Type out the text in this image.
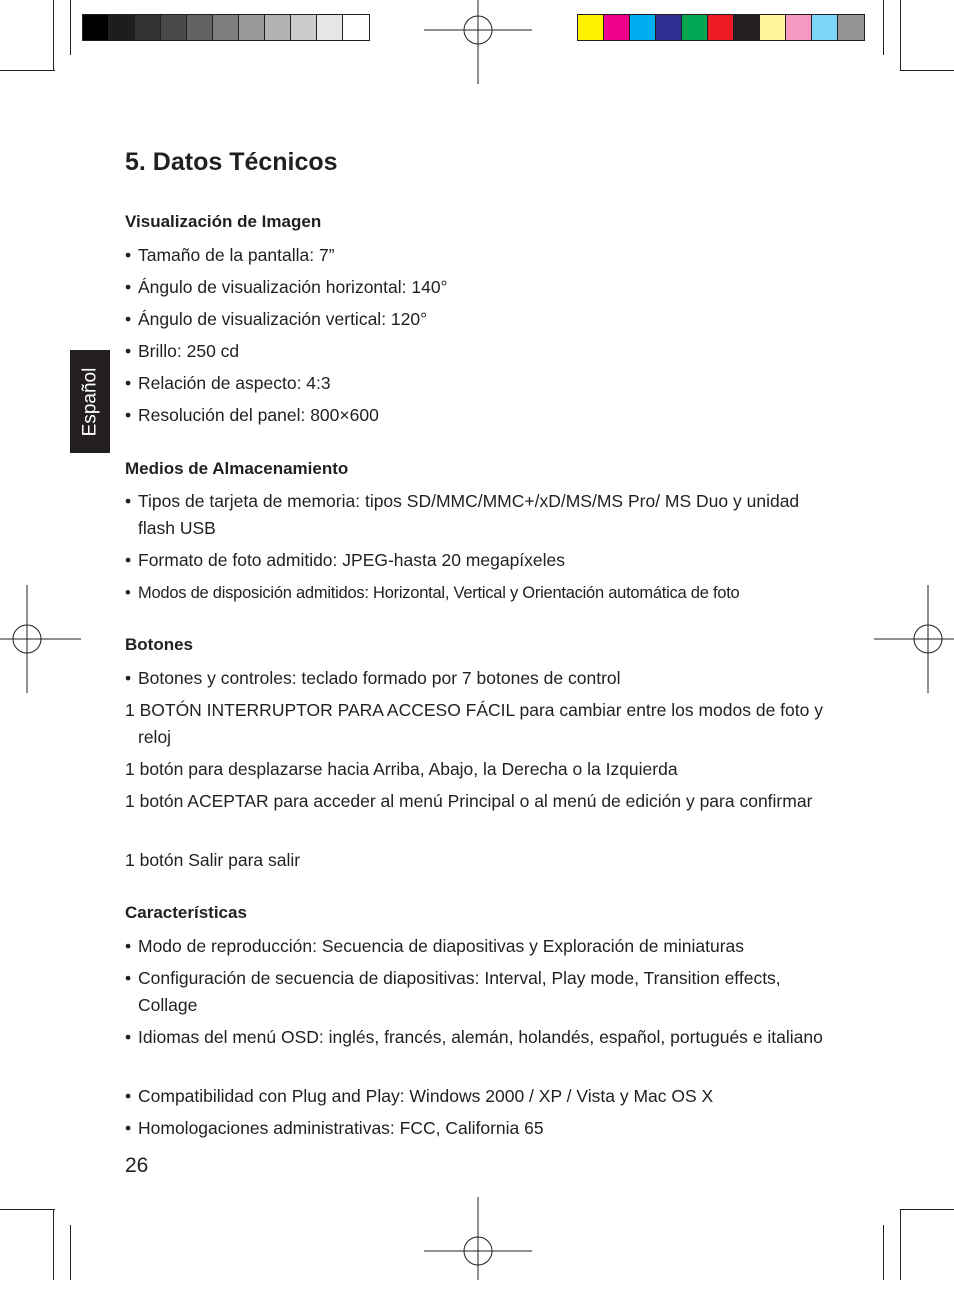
Español
5. Datos Técnicos
Visualización de Imagen
• Tamaño de la pantalla: 7”
• Ángulo de visualización horizontal: 140°
• Ángulo de visualización vertical: 120°
• Brillo: 250 cd
• Relación de aspecto: 4:3
• Resolución del panel: 800×600
Medios de Almacenamiento
• Tipos de tarjeta de memoria: tipos SD/MMC/MMC+/xD/MS/MS Pro/ MS Duo y unidad flash USB
• Formato de foto admitido: JPEG-hasta 20 megapíxeles
• Modos de disposición admitidos: Horizontal, Vertical y Orientación automática de foto
Botones
• Botones y controles: teclado formado por 7 botones de control
1 BOTÓN INTERRUPTOR PARA ACCESO FÁCIL para cambiar entre los modos de foto y reloj
1 botón para desplazarse hacia Arriba, Abajo, la Derecha o la Izquierda
1 botón ACEPTAR para acceder al menú Principal o al menú de edición y para confirmar
1 botón Salir para salir
Características
• Modo de reproducción: Secuencia de diapositivas y Exploración de miniaturas
• Configuración de secuencia de diapositivas: Interval, Play mode, Transition effects, Collage
• Idiomas del menú OSD: inglés, francés, alemán, holandés, español, portugués e italiano
• Compatibilidad con Plug and Play: Windows 2000 / XP / Vista y Mac OS X
• Homologaciones administrativas: FCC, California 65
26
